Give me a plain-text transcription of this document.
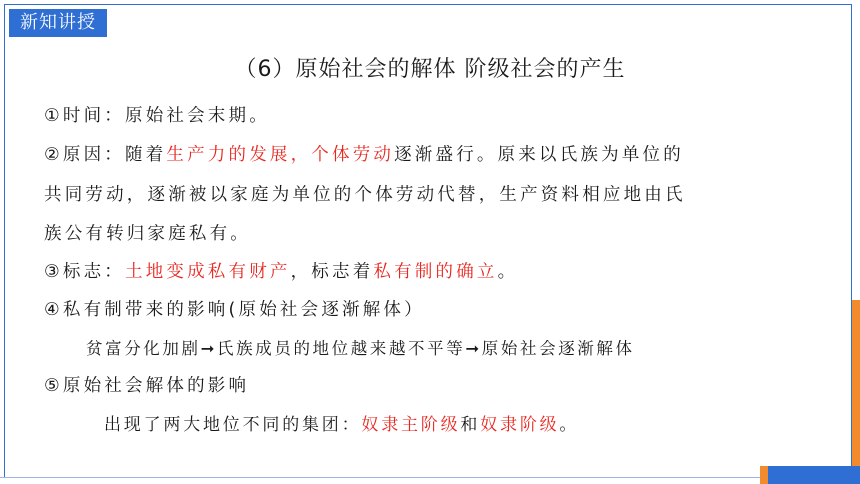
新知讲授
（6）原始社会的解体 阶级社会的产生
①时间：原始社会末期。
②原因：随着生产力的发展，个体劳动逐渐盛行。原来以氏族为单位的
共同劳动，逐渐被以家庭为单位的个体劳动代替，生产资料相应地由氏
族公有转归家庭私有。
③标志：土地变成私有财产，标志着私有制的确立。
④私有制带来的影响(原始社会逐渐解体）
贫富分化加剧➞氏族成员的地位越来越不平等➞原始社会逐渐解体
⑤原始社会解体的影响
出现了两大地位不同的集团：奴隶主阶级和奴隶阶级。
